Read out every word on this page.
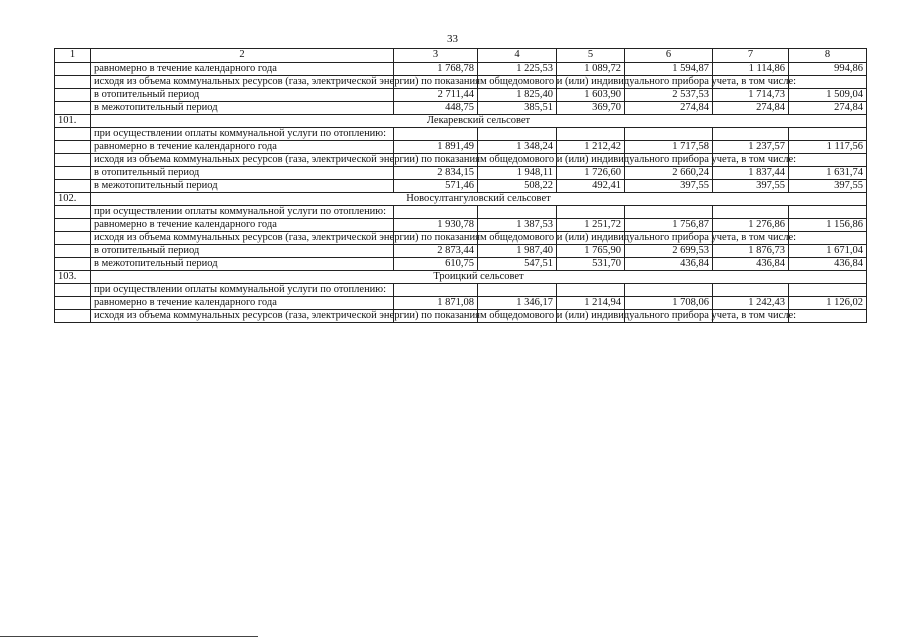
33
1	2	3	4	5	6	7	8
	равномерно в течение календарного года	1 768,78	1 225,53	1 089,72	1 594,87	1 114,86	994,86
	исходя из объема коммунальных ресурсов (газа, электрической энергии) по показаниям общедомового и (или) индивидуального прибора учета, в том числе:						
	в отопительный период	2 711,44	1 825,40	1 603,90	2 537,53	1 714,73	1 509,04
	в межотопительный период	448,75	385,51	369,70	274,84	274,84	274,84
101.	Лекаревский сельсовет						
	при осуществлении оплаты коммунальной услуги по отоплению:						
	равномерно в течение календарного года	1 891,49	1 348,24	1 212,42	1 717,58	1 237,57	1 117,56
	исходя из объема коммунальных ресурсов (газа, электрической энергии) по показаниям общедомового и (или) индивидуального прибора учета, в том числе:						
	в отопительный период	2 834,15	1 948,11	1 726,60	2 660,24	1 837,44	1 631,74
	в межотопительный период	571,46	508,22	492,41	397,55	397,55	397,55
102.	Новосултангуловский сельсовет						
	при осуществлении оплаты коммунальной услуги по отоплению:						
	равномерно в течение календарного года	1 930,78	1 387,53	1 251,72	1 756,87	1 276,86	1 156,86
	исходя из объема коммунальных ресурсов (газа, электрической энергии) по показаниям общедомового и (или) индивидуального прибора учета, в том числе:						
	в отопительный период	2 873,44	1 987,40	1 765,90	2 699,53	1 876,73	1 671,04
	в межотопительный период	610,75	547,51	531,70	436,84	436,84	436,84
103.	Троицкий сельсовет						
	при осуществлении оплаты коммунальной услуги по отоплению:						
	равномерно в течение календарного года	1 871,08	1 346,17	1 214,94	1 708,06	1 242,43	1 126,02
	исходя из объема коммунальных ресурсов (газа, электрической энергии) по показаниям общедомового и (или) индивидуального прибора учета, в том числе:						
